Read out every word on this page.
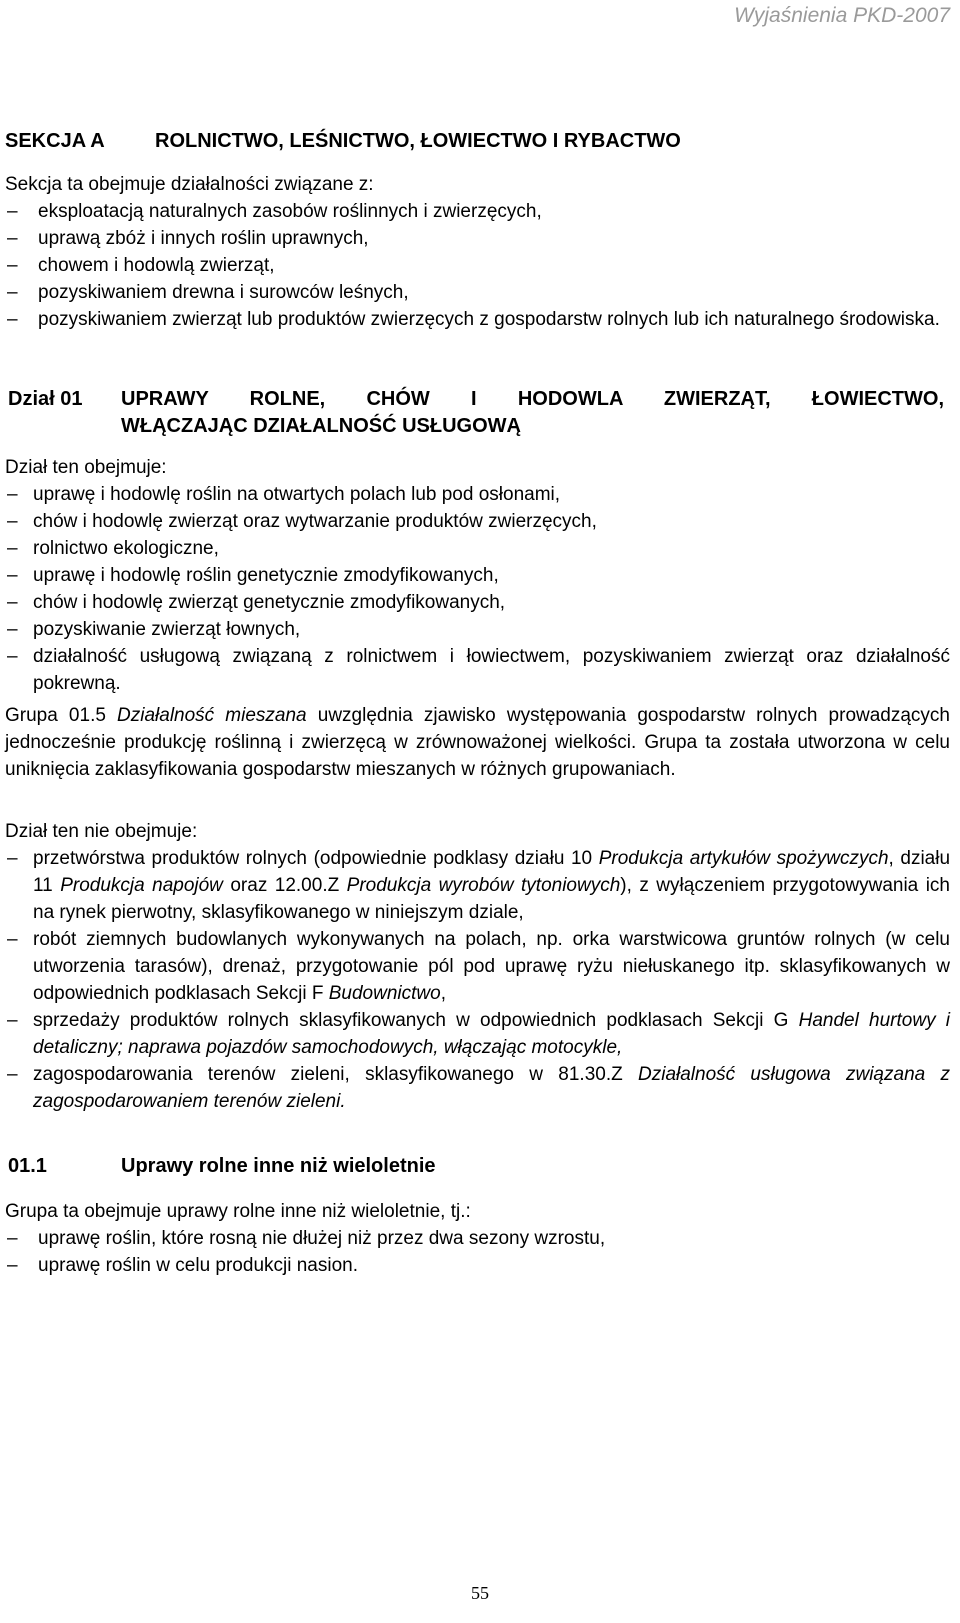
Wyjaśnienia PKD-2007
SEKCJA A	ROLNICTWO, LEŚNICTWO, ŁOWIECTWO I RYBACTWO
Sekcja ta obejmuje działalności związane z:
– eksploatacją naturalnych zasobów roślinnych i zwierzęcych,
– uprawą zbóż i innych roślin uprawnych,
– chowem i hodowlą zwierząt,
– pozyskiwaniem drewna i surowców leśnych,
– pozyskiwaniem zwierząt lub produktów zwierzęcych z gospodarstw rolnych lub ich naturalnego środowiska.
Dział 01 UPRAWY ROLNE, CHÓW I HODOWLA ZWIERZĄT, ŁOWIECTWO,
WŁĄCZAJĄC DZIAŁALNOŚĆ USŁUGOWĄ
Dział ten obejmuje:
– uprawę i hodowlę roślin na otwartych polach lub pod osłonami,
– chów i hodowlę zwierząt oraz wytwarzanie produktów zwierzęcych,
– rolnictwo ekologiczne,
– uprawę i hodowlę roślin genetycznie zmodyfikowanych,
– chów i hodowlę zwierząt genetycznie zmodyfikowanych,
– pozyskiwanie zwierząt łownych,
– działalność usługową związaną z rolnictwem i łowiectwem, pozyskiwaniem zwierząt oraz działalność pokrewną.
Grupa 01.5 Działalność mieszana uwzględnia zjawisko występowania gospodarstw rolnych prowadzących jednocześnie produkcję roślinną i zwierzęcą w zrównoważonej wielkości. Grupa ta została utworzona w celu uniknięcia zaklasyfikowania gospodarstw mieszanych w różnych grupowaniach.
Dział ten nie obejmuje:
– przetwórstwa produktów rolnych (odpowiednie podklasy działu 10 Produkcja artykułów spożywczych, działu 11 Produkcja napojów oraz 12.00.Z Produkcja wyrobów tytoniowych), z wyłączeniem przygotowywania ich na rynek pierwotny, sklasyfikowanego w niniejszym dziale,
– robót ziemnych budowlanych wykonywanych na polach, np. orka warstwicowa gruntów rolnych (w celu utworzenia tarasów), drenaż, przygotowanie pól pod uprawę ryżu niełuskanego itp. sklasyfikowanych w odpowiednich podklasach Sekcji F Budownictwo,
– sprzedaży produktów rolnych sklasyfikowanych w odpowiednich podklasach Sekcji G Handel hurtowy i detaliczny; naprawa pojazdów samochodowych, włączając motocykle,
– zagospodarowania terenów zieleni, sklasyfikowanego w 81.30.Z Działalność usługowa związana z zagospodarowaniem terenów zieleni.
01.1	Uprawy rolne inne niż wieloletnie
Grupa ta obejmuje uprawy rolne inne niż wieloletnie, tj.:
– uprawę roślin, które rosną nie dłużej niż przez dwa sezony wzrostu,
– uprawę roślin w celu produkcji nasion.
55
